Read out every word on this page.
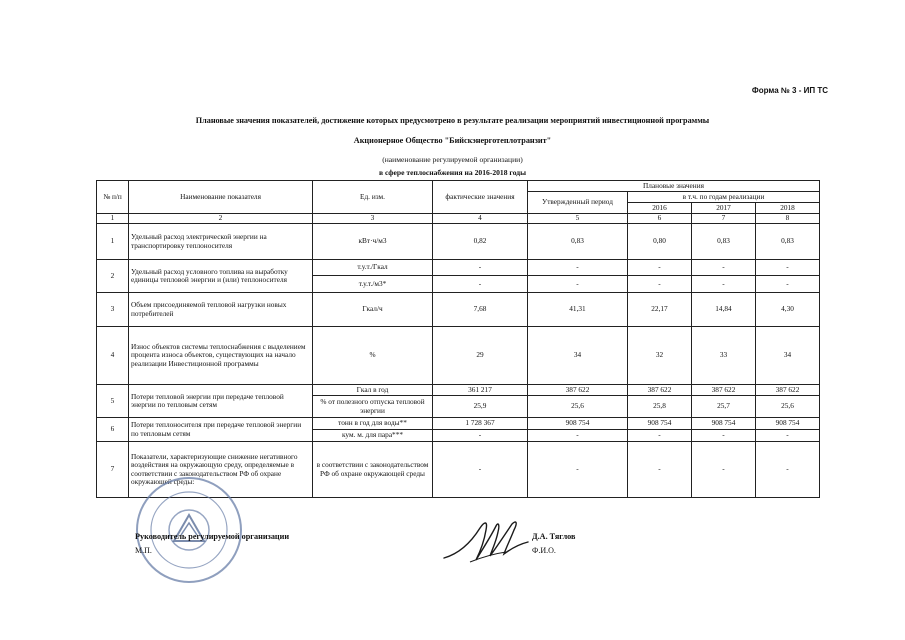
Форма № 3 - ИП ТС
Плановые значения показателей, достижение которых предусмотрено в результате реализации мероприятий инвестиционной программы
Акционерное Общество "Бийскэнерготеплотранзит"
(наименование регулируемой организации)
в сфере теплоснабжения на 2016-2018 годы
№ п/п	Наименование показателя	Ед. изм.	фактические значения	Плановые значения			
				Утвержденный период	в т.ч. по годам реализации		
					2016	2017	2018
1	2	3	4	5	6	7	8
1	Удельный расход электрической энергии на транспортировку теплоносителя	кВт·ч/м3	0,82	0,83	0,80	0,83	0,83
2	Удельный расход условного топлива на выработку единицы тепловой энергии и (или) теплоносителя	т.у.т./Гкал	-	-	-	-	-
		т.у.т./м3*	-	-	-	-	-
3	Объем присоединяемой тепловой нагрузки новых потребителей	Гкал/ч	7,68	41,31	22,17	14,84	4,30
4	Износ объектов системы теплоснабжения с выделением процента износа объектов, существующих на начало реализации Инвестиционной программы	%	29	34	32	33	34
5	Потери тепловой энергии при передаче тепловой энергии по тепловым сетям	Гкал в год	361 217	387 622	387 622	387 622	387 622
		% от полезного отпуска тепловой энергии	25,9	25,6	25,8	25,7	25,6
6	Потери теплоносителя при передаче тепловой энергии по тепловым сетям	тонн в год для воды**	1 728 367	908 754	908 754	908 754	908 754
		кум. м. для пара***	-	-	-	-	-
7	Показатели, характеризующие снижение негативного воздействия на окружающую среду, определяемые в соответствии с законодательством РФ об охране окружающей среды:	в соответствии с законодательством РФ об охране окружающей среды	-	-	-	-	-
Руководитель регулируемой организации
М.П.
Д.А. Тяглов
Ф.И.О.
